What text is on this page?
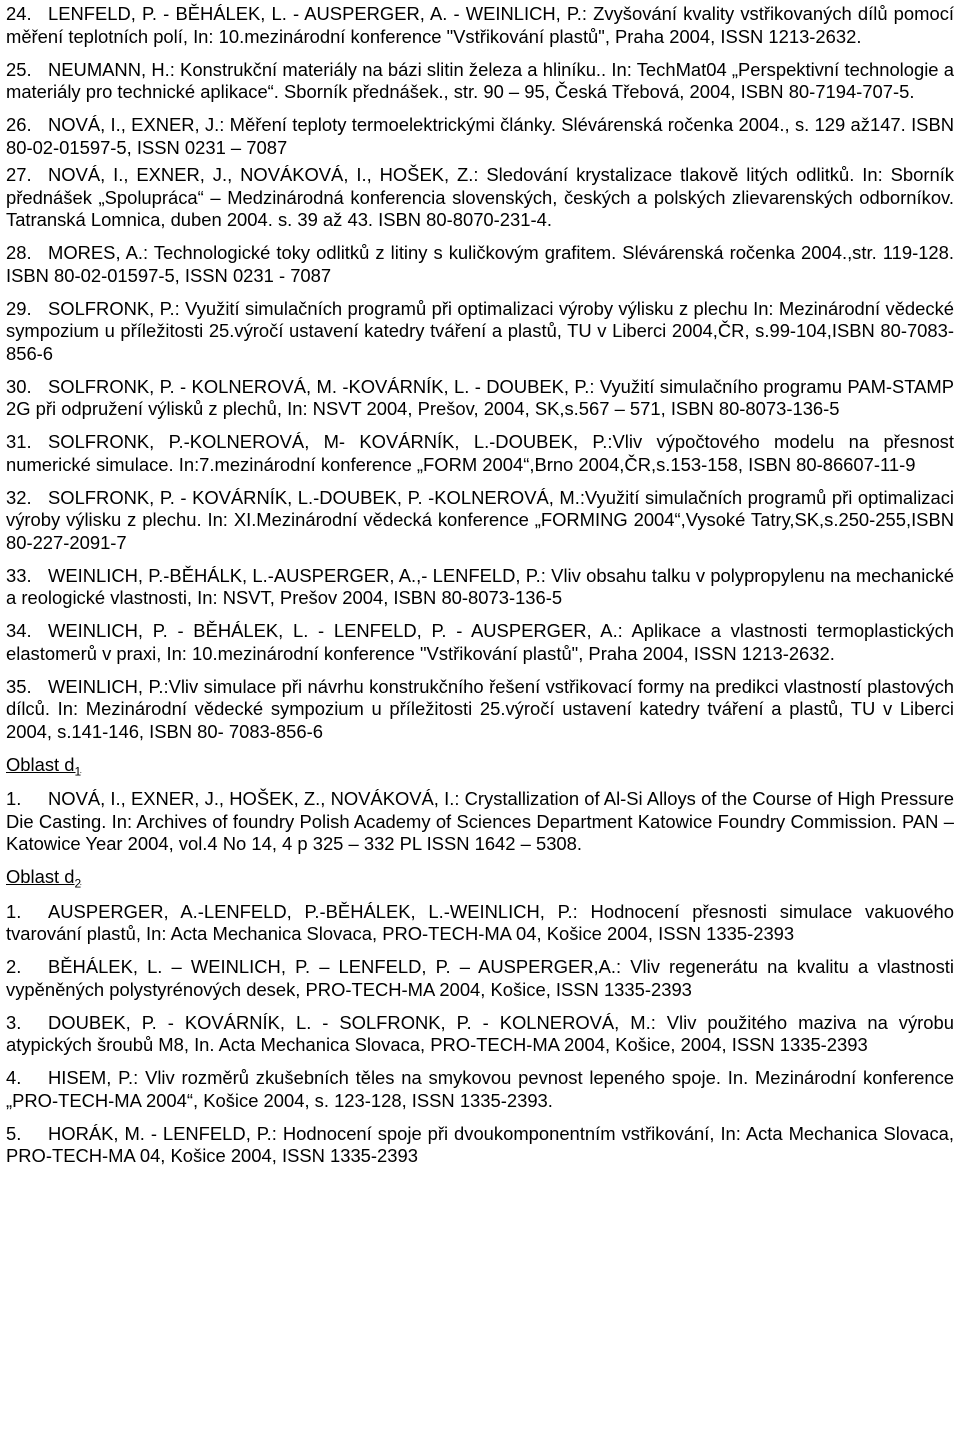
24. LENFELD, P. - BĚHÁLEK, L. - AUSPERGER, A. - WEINLICH, P.: Zvyšování kvality vstřikovaných dílů pomocí měření teplotních polí, In: 10.mezinárodní konference "Vstřikování plastů", Praha 2004, ISSN 1213-2632.
25. NEUMANN, H.: Konstrukční materiály na bázi slitin železa a hliníku.. In: TechMat04 „Perspektivní technologie a materiály pro technické aplikace“. Sborník přednášek., str. 90 – 95, Česká Třebová, 2004, ISBN 80-7194-707-5.
26. NOVÁ, I., EXNER, J.: Měření teploty termoelektrickými články. Slévárenská ročenka 2004., s. 129 až147. ISBN 80-02-01597-5, ISSN 0231 – 7087
27. NOVÁ, I., EXNER, J., NOVÁKOVÁ, I., HOŠEK, Z.: Sledování krystalizace tlakově litých odlitků. In: Sborník přednášek „Spolupráca“ – Medzinárodná konferencia slovenských, českých a polských zlievarenských odborníkov. Tatranská Lomnica, duben 2004. s. 39 až 43. ISBN 80-8070-231-4.
28. MORES, A.: Technologické toky odlitků z litiny s kuličkovým grafitem. Slévárenská ročenka 2004.,str. 119-128. ISBN 80-02-01597-5, ISSN 0231 - 7087
29. SOLFRONK, P.: Využití simulačních programů při optimalizaci výroby výlisku z plechu In: Mezinárodní vědecké sympozium u příležitosti 25.výročí ustavení katedry tváření a plastů, TU v Liberci 2004,ČR, s.99-104,ISBN 80-7083-856-6
30. SOLFRONK, P. - KOLNEROVÁ, M. -KOVÁRNÍK, L. - DOUBEK, P.: Využití simulačního programu PAM-STAMP 2G při odpružení výlisků z plechů, In: NSVT 2004, Prešov, 2004, SK,s.567 – 571, ISBN 80-8073-136-5
31. SOLFRONK, P.-KOLNEROVÁ, M- KOVÁRNÍK, L.-DOUBEK, P.:Vliv výpočtového modelu na přesnost numerické simulace. In:7.mezinárodní konference „FORM 2004“,Brno 2004,ČR,s.153-158, ISBN 80-86607-11-9
32. SOLFRONK, P. - KOVÁRNÍK, L.-DOUBEK, P. -KOLNEROVÁ, M.:Využití simulačních programů při optimalizaci výroby výlisku z plechu. In: XI.Mezinárodní vědecká konference „FORMING 2004“,Vysoké Tatry,SK,s.250-255,ISBN 80-227-2091-7
33. WEINLICH, P.-BĚHÁLK, L.-AUSPERGER, A.,- LENFELD, P.: Vliv obsahu talku v polypropylenu na mechanické a reologické vlastnosti, In: NSVT, Prešov 2004, ISBN 80-8073-136-5
34. WEINLICH, P. - BĚHÁLEK, L. - LENFELD, P. - AUSPERGER, A.: Aplikace a vlastnosti termoplastických elastomerů v praxi, In: 10.mezinárodní konference "Vstřikování plastů", Praha 2004, ISSN 1213-2632.
35. WEINLICH, P.:Vliv simulace při návrhu konstrukčního řešení vstřikovací formy na predikci vlastností plastových dílců. In: Mezinárodní vědecké sympozium u příležitosti 25.výročí ustavení katedry tváření a plastů, TU v Liberci 2004, s.141-146, ISBN 80- 7083-856-6
Oblast $d_1$
1. NOVÁ, I., EXNER, J., HOŠEK, Z., NOVÁKOVÁ, I.: Crystallization of Al-Si Alloys of the Course of High Pressure Die Casting. In: Archives of foundry Polish Academy of Sciences Department Katowice Foundry Commission. PAN – Katowice Year 2004, vol.4 No 14, 4 p 325 – 332 PL ISSN 1642 – 5308.
Oblast $d_2$
1. AUSPERGER, A.-LENFELD, P.-BĚHÁLEK, L.-WEINLICH, P.: Hodnocení přesnosti simulace vakuového tvarování plastů, In: Acta Mechanica Slovaca, PRO-TECH-MA 04, Košice 2004, ISSN 1335-2393
2. BĚHÁLEK, L. – WEINLICH, P. – LENFELD, P. – AUSPERGER,A.: Vliv regenerátu na kvalitu a vlastnosti vypěněných polystyrénových desek, PRO-TECH-MA 2004, Košice, ISSN 1335-2393
3. DOUBEK, P. - KOVÁRNÍK, L. - SOLFRONK, P. - KOLNEROVÁ, M.: Vliv použitého maziva na výrobu atypických šroubů M8, In. Acta Mechanica Slovaca, PRO-TECH-MA 2004, Košice, 2004, ISSN 1335-2393
4. HISEM, P.: Vliv rozměrů zkušebních těles na smykovou pevnost lepeného spoje. In. Mezinárodní konference „PRO-TECH-MA 2004“, Košice 2004, s. 123-128, ISSN 1335-2393.
5. HORÁK, M. - LENFELD, P.: Hodnocení spoje při dvoukomponentním vstřikování, In: Acta Mechanica Slovaca, PRO-TECH-MA 04, Košice 2004, ISSN 1335-2393
